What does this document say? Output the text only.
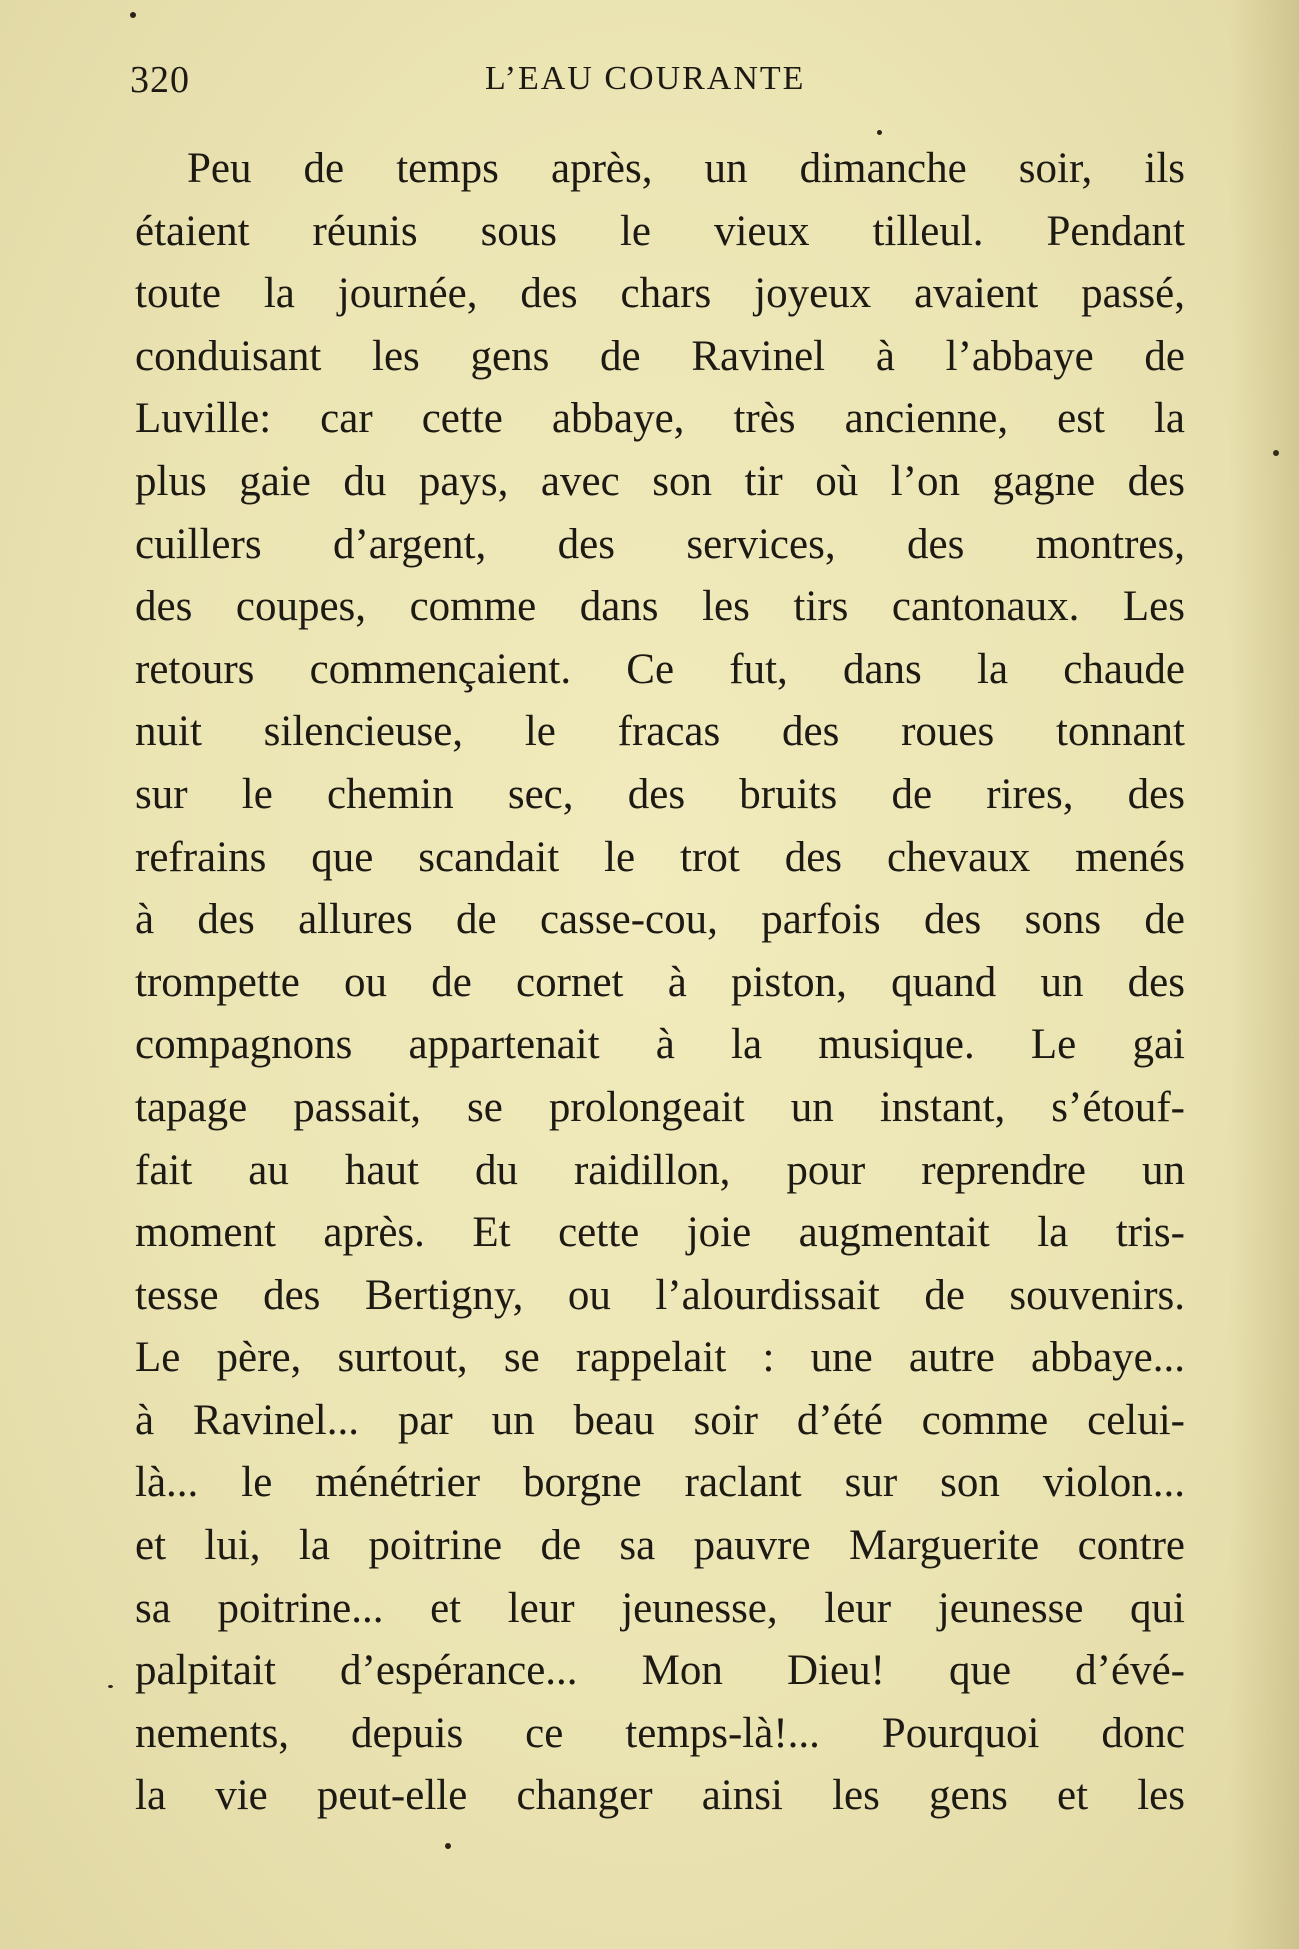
320	L’EAU COURANTE
Peu de temps après, un dimanche soir, ils
étaient réunis sous le vieux tilleul. Pendant
toute la journée, des chars joyeux avaient passé,
conduisant les gens de Ravinel à l’abbaye de
Luville: car cette abbaye, très ancienne, est la
plus gaie du pays, avec son tir où l’on gagne des
cuillers d’argent, des services, des montres,
des coupes, comme dans les tirs cantonaux. Les
retours commençaient. Ce fut, dans la chaude
nuit silencieuse, le fracas des roues tonnant
sur le chemin sec, des bruits de rires, des
refrains que scandait le trot des chevaux menés
à des allures de casse-cou, parfois des sons de
trompette ou de cornet à piston, quand un des
compagnons appartenait à la musique. Le gai
tapage passait, se prolongeait un instant, s’étouf-
fait au haut du raidillon, pour reprendre un
moment après. Et cette joie augmentait la tris-
tesse des Bertigny, ou l’alourdissait de souvenirs.
Le père, surtout, se rappelait : une autre abbaye...
à Ravinel... par un beau soir d’été comme celui-
là... le ménétrier borgne raclant sur son violon...
et lui, la poitrine de sa pauvre Marguerite contre
sa poitrine... et leur jeunesse, leur jeunesse qui
palpitait d’espérance... Mon Dieu! que d’évé-
nements, depuis ce temps-là!... Pourquoi donc
la vie peut-elle changer ainsi les gens et les
